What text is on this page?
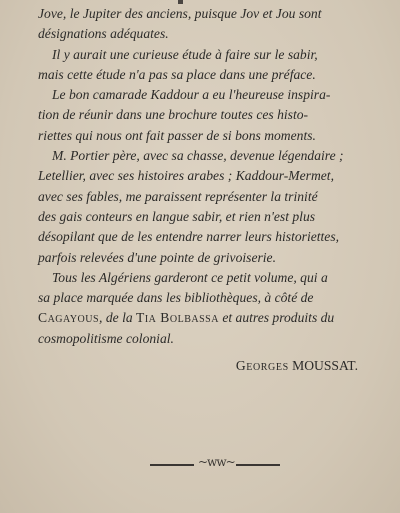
Jove, le Jupiter des anciens, puisque Jov et Jou sont
désignations adéquates.
Il y aurait une curieuse étude à faire sur le sabir,
mais cette étude n'a pas sa place dans une préface.
Le bon camarade Kaddour a eu l'heureuse inspira-
tion de réunir dans une brochure toutes ces histo-
riettes qui nous ont fait passer de si bons moments.
M. Portier père, avec sa chasse, devenue légendaire ;
Letellier, avec ses histoires arabes ; Kaddour-Mermet,
avec ses fables, me paraissent représenter la trinité
des gais conteurs en langue sabir, et rien n'est plus
désopilant que de les entendre narrer leurs historiettes,
parfois relevées d'une pointe de grivoiserie.
Tous les Algériens garderont ce petit volume, qui a
sa place marquée dans les bibliothèques, à côté de
Cagayous, de la Tia Bolbassa et autres produits du
cosmopolitisme colonial.
Georges MOUSSAT.
~ww~
